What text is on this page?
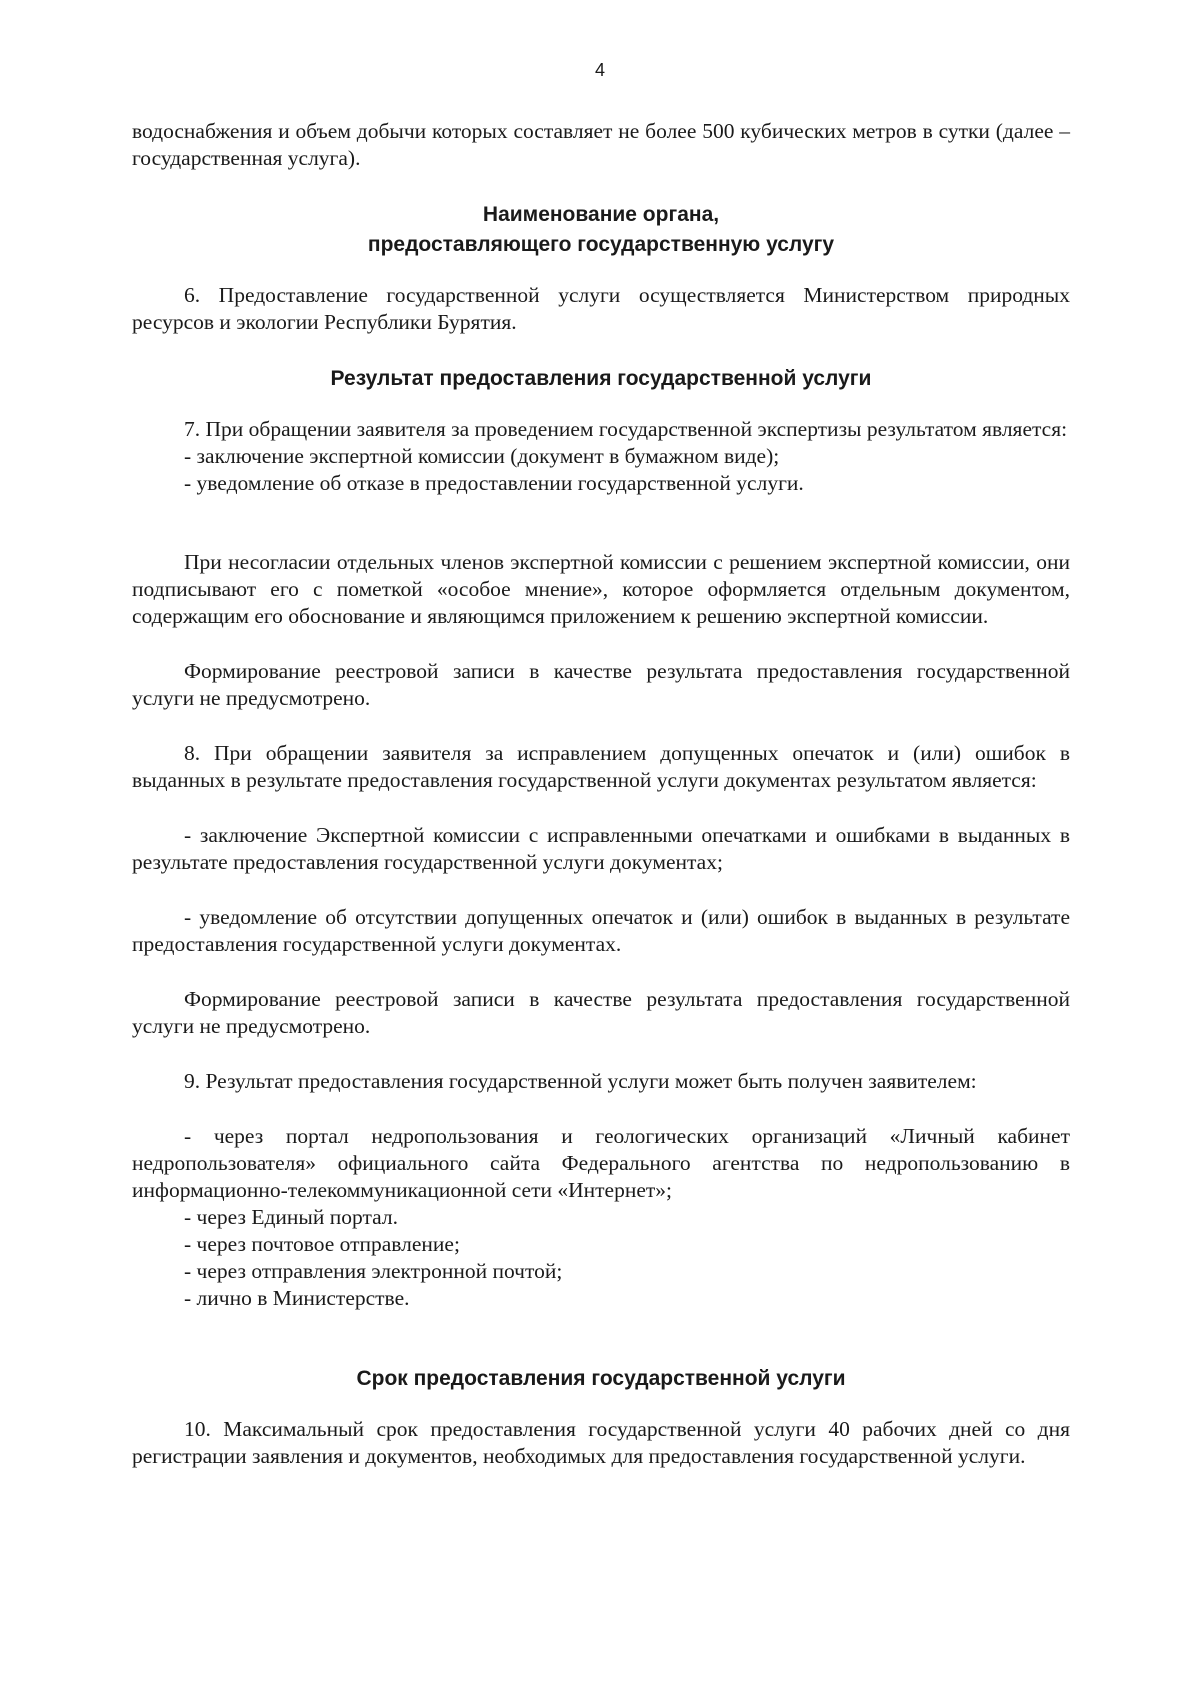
4

водоснабжения и объем добычи которых составляет не более 500 кубических метров в сутки (далее – государственная услуга).

Наименование органа,
предоставляющего государственную услугу

6. Предоставление государственной услуги осуществляется Министерством природных ресурсов и экологии Республики Бурятия.

Результат предоставления государственной услуги

7. При обращении заявителя за проведением государственной экспертизы результатом является:

- заключение экспертной комиссии (документ в бумажном виде);

- уведомление об отказе в предоставлении государственной услуги.

При несогласии отдельных членов экспертной комиссии с решением экспертной комиссии, они подписывают его с пометкой «особое мнение», которое оформляется отдельным документом, содержащим его обоснование и являющимся приложением к решению экспертной комиссии.

Формирование реестровой записи в качестве результата предоставления государственной услуги не предусмотрено.

8. При обращении заявителя за исправлением допущенных опечаток и (или) ошибок в выданных в результате предоставления государственной услуги документах результатом является:

- заключение Экспертной комиссии с исправленными опечатками и ошибками в выданных в результате предоставления государственной услуги документах;

- уведомление об отсутствии допущенных опечаток и (или) ошибок в выданных в результате предоставления государственной услуги документах.

Формирование реестровой записи в качестве результата предоставления государственной услуги не предусмотрено.

9. Результат предоставления государственной услуги может быть получен заявителем:

- через портал недропользования и геологических организаций «Личный кабинет недропользователя» официального сайта Федерального агентства по недропользованию в информационно-телекоммуникационной сети «Интернет»;

- через Единый портал.

- через почтовое отправление;

- через отправления электронной почтой;

- лично в Министерстве.

Срок предоставления государственной услуги

10. Максимальный срок предоставления государственной услуги 40 рабочих дней со дня регистрации заявления и документов, необходимых для предоставления государственной услуги.
